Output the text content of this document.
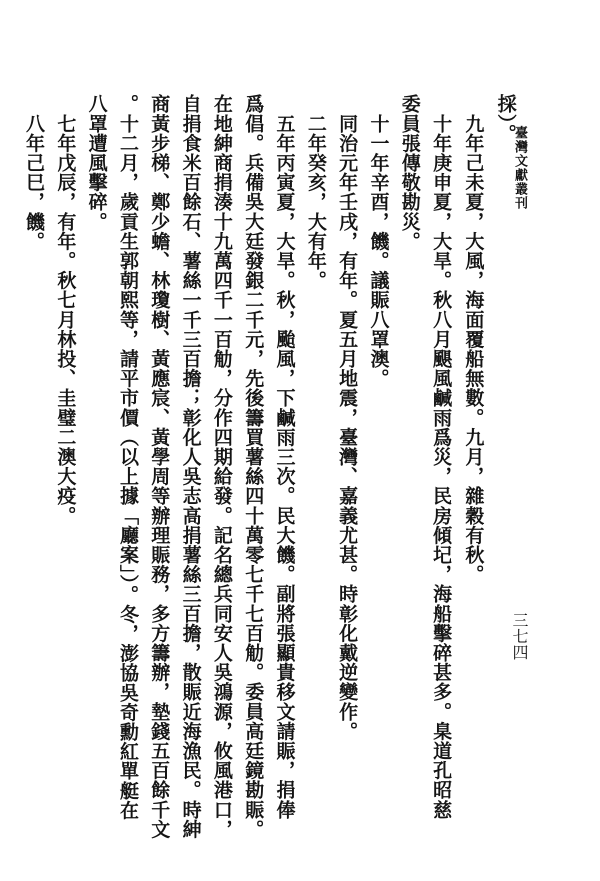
臺灣文獻叢刊
三七四
採）。
　九年己未夏，大風，海面覆船無數。九月，雜穀有秋。
　十年庚申夏，大旱。秋八月颶風鹹雨爲災，民房傾圮，海船擊碎甚多。臬道孔昭慈
委員張傳敬勘災。
　十一年辛酉，饑。議賑八罩澳。
　同治元年壬戌，有年。夏五月地震，臺灣、嘉義尤甚。時彰化戴逆變作。
　二年癸亥，大有年。
　五年丙寅夏，大旱。秋，颱風，下鹹雨三次。民大饑。副將張顯貴移文請賑，捐俸
爲倡。兵備吳大廷發銀二千元，先後籌買薯絲四十萬零七千七百觔。委員高廷鏡勘賑。
在地紳商捐湊十九萬四千一百觔，分作四期給發。記名總兵同安人吳鴻源，攸風港口，
自捐食米百餘石、薯絲一千三百擔；彰化人吳志高捐薯絲三百擔，散賑近海漁民。時紳
商黃步梯、鄭少蟾、林瓊樹、黃應宸、黃學周等辦理賑務，多方籌辦，墊錢五百餘千文
。十二月，歲貢生郭朝熙等，請平市價（以上據「廳案」）。冬，澎協吳奇勳紅單艇在
八罩遭風擊碎。
　七年戊辰，有年。秋七月林投、圭璧二澳大疫。
　八年己巳，饑。
